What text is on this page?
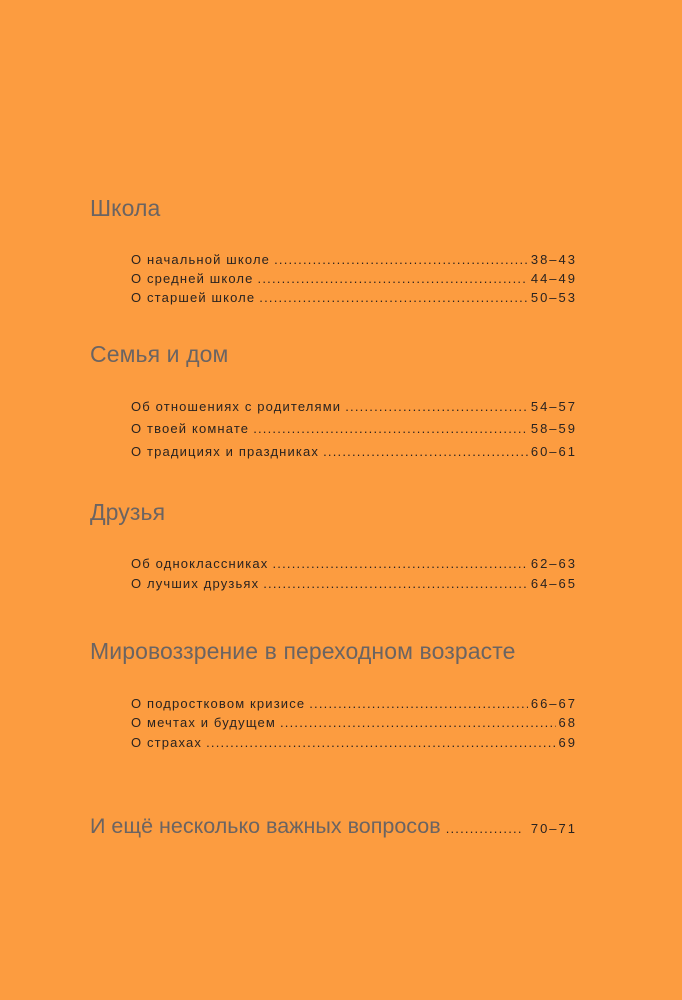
Школа
О начальной школе .....	38–43
О средней школе .....	44–49
О старшей школе .....	50–53
Семья и дом
Об отношениях с родителями .....	54–57
О твоей комнате .....	58–59
О традициях и праздниках .....	60–61
Друзья
Об одноклассниках .....	62–63
О лучших друзьях .....	64–65
Мировоззрение в переходном возрасте
О подростковом кризисе .....	66–67
О мечтах и будущем .....	68
О страхах .....	69
И ещё несколько важных вопросов .....	70–71
